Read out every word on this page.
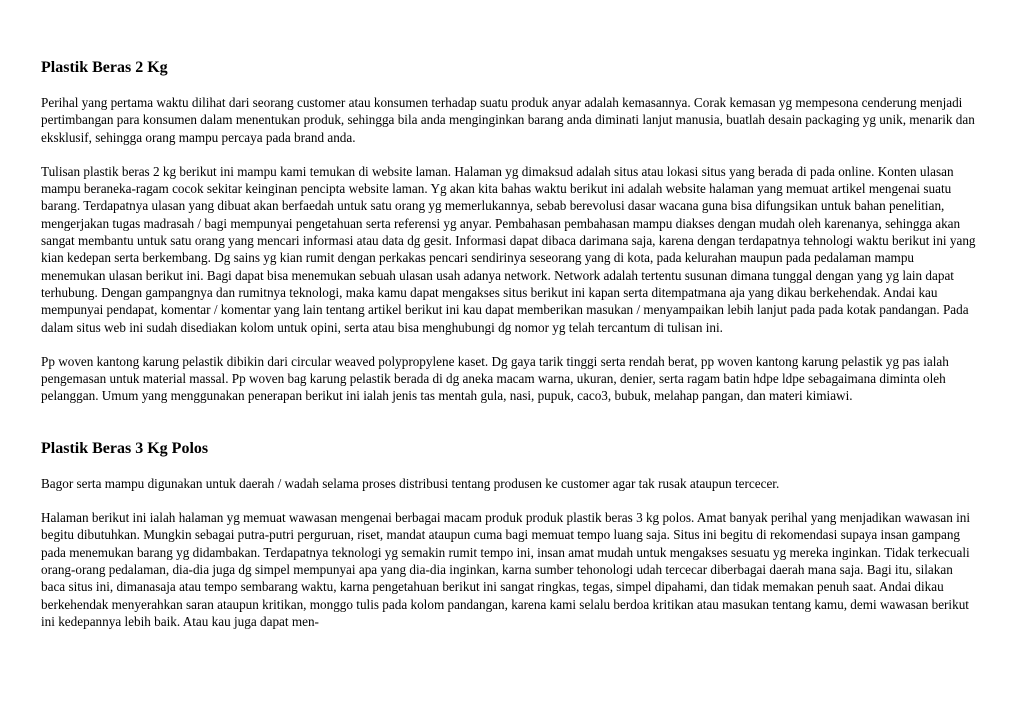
Plastik Beras 2 Kg

Perihal yang pertama waktu dilihat dari seorang customer atau konsumen terhadap suatu produk anyar adalah kemasannya. Corak kemasan yg mempesona cenderung menjadi pertimbangan para konsumen dalam menentukan produk, sehingga bila anda menginginkan barang anda diminati lanjut manusia, buatlah desain packaging yg unik, menarik dan eksklusif, sehingga orang mampu percaya pada brand anda.

Tulisan plastik beras 2 kg berikut ini mampu kami temukan di website laman. Halaman yg dimaksud adalah situs atau lokasi situs yang berada di pada online. Konten ulasan mampu beraneka-ragam cocok sekitar keinginan pencipta website laman. Yg akan kita bahas waktu berikut ini adalah website halaman yang memuat artikel mengenai suatu barang. Terdapatnya ulasan yang dibuat akan berfaedah untuk satu orang yg memerlukannya, sebab berevolusi dasar wacana guna bisa difungsikan untuk bahan penelitian, mengerjakan tugas madrasah / bagi mempunyai pengetahuan serta referensi yg anyar. Pembahasan pembahasan mampu diakses dengan mudah oleh karenanya, sehingga akan sangat membantu untuk satu orang yang mencari informasi atau data dg gesit. Informasi dapat dibaca darimana saja, karena dengan terdapatnya tehnologi waktu berikut ini yang kian kedepan serta berkembang. Dg sains yg kian rumit dengan perkakas pencari sendirinya seseorang yang di kota, pada kelurahan maupun pada pedalaman mampu menemukan ulasan berikut ini. Bagi dapat bisa menemukan sebuah ulasan usah adanya network. Network adalah tertentu susunan dimana tunggal dengan yang yg lain dapat terhubung. Dengan gampangnya dan rumitnya teknologi, maka kamu dapat mengakses situs berikut ini kapan serta ditempatmana aja yang dikau berkehendak. Andai kau mempunyai pendapat, komentar / komentar yang lain tentang artikel berikut ini kau dapat memberikan masukan / menyampaikan lebih lanjut pada pada kotak pandangan. Pada dalam situs web ini sudah disediakan kolom untuk opini, serta atau bisa menghubungi dg nomor yg telah tercantum di tulisan ini.

Pp woven kantong karung pelastik dibikin dari circular weaved polypropylene kaset. Dg gaya tarik tinggi serta rendah berat, pp woven kantong karung pelastik yg pas ialah pengemasan untuk material massal. Pp woven bag karung pelastik berada di dg aneka macam warna, ukuran, denier, serta ragam batin hdpe ldpe sebagaimana diminta oleh pelanggan. Umum yang menggunakan penerapan berikut ini ialah jenis tas mentah gula, nasi, pupuk, caco3, bubuk, melahap pangan, dan materi kimiawi.

Plastik Beras 3 Kg Polos

Bagor serta mampu digunakan untuk daerah / wadah selama proses distribusi tentang produsen ke customer agar tak rusak ataupun tercecer.

Halaman berikut ini ialah halaman yg memuat wawasan mengenai berbagai macam produk produk plastik beras 3 kg polos. Amat banyak perihal yang menjadikan wawasan ini begitu dibutuhkan. Mungkin sebagai putra-putri perguruan, riset, mandat ataupun cuma bagi memuat tempo luang saja. Situs ini begitu di rekomendasi supaya insan gampang pada menemukan barang yg didambakan. Terdapatnya teknologi yg semakin rumit tempo ini, insan amat mudah untuk mengakses sesuatu yg mereka inginkan. Tidak terkecuali orang-orang pedalaman, dia-dia juga dg simpel mempunyai apa yang dia-dia inginkan, karna sumber tehonologi udah tercecar diberbagai daerah mana saja. Bagi itu, silakan baca situs ini, dimanasaja atau tempo sembarang waktu, karna pengetahuan berikut ini sangat ringkas, tegas, simpel dipahami, dan tidak memakan penuh saat. Andai dikau berkehendak menyerahkan saran ataupun kritikan, monggo tulis pada kolom pandangan, karena kami selalu berdoa kritikan atau masukan tentang kamu, demi wawasan berikut ini kedepannya lebih baik. Atau kau juga dapat men-
